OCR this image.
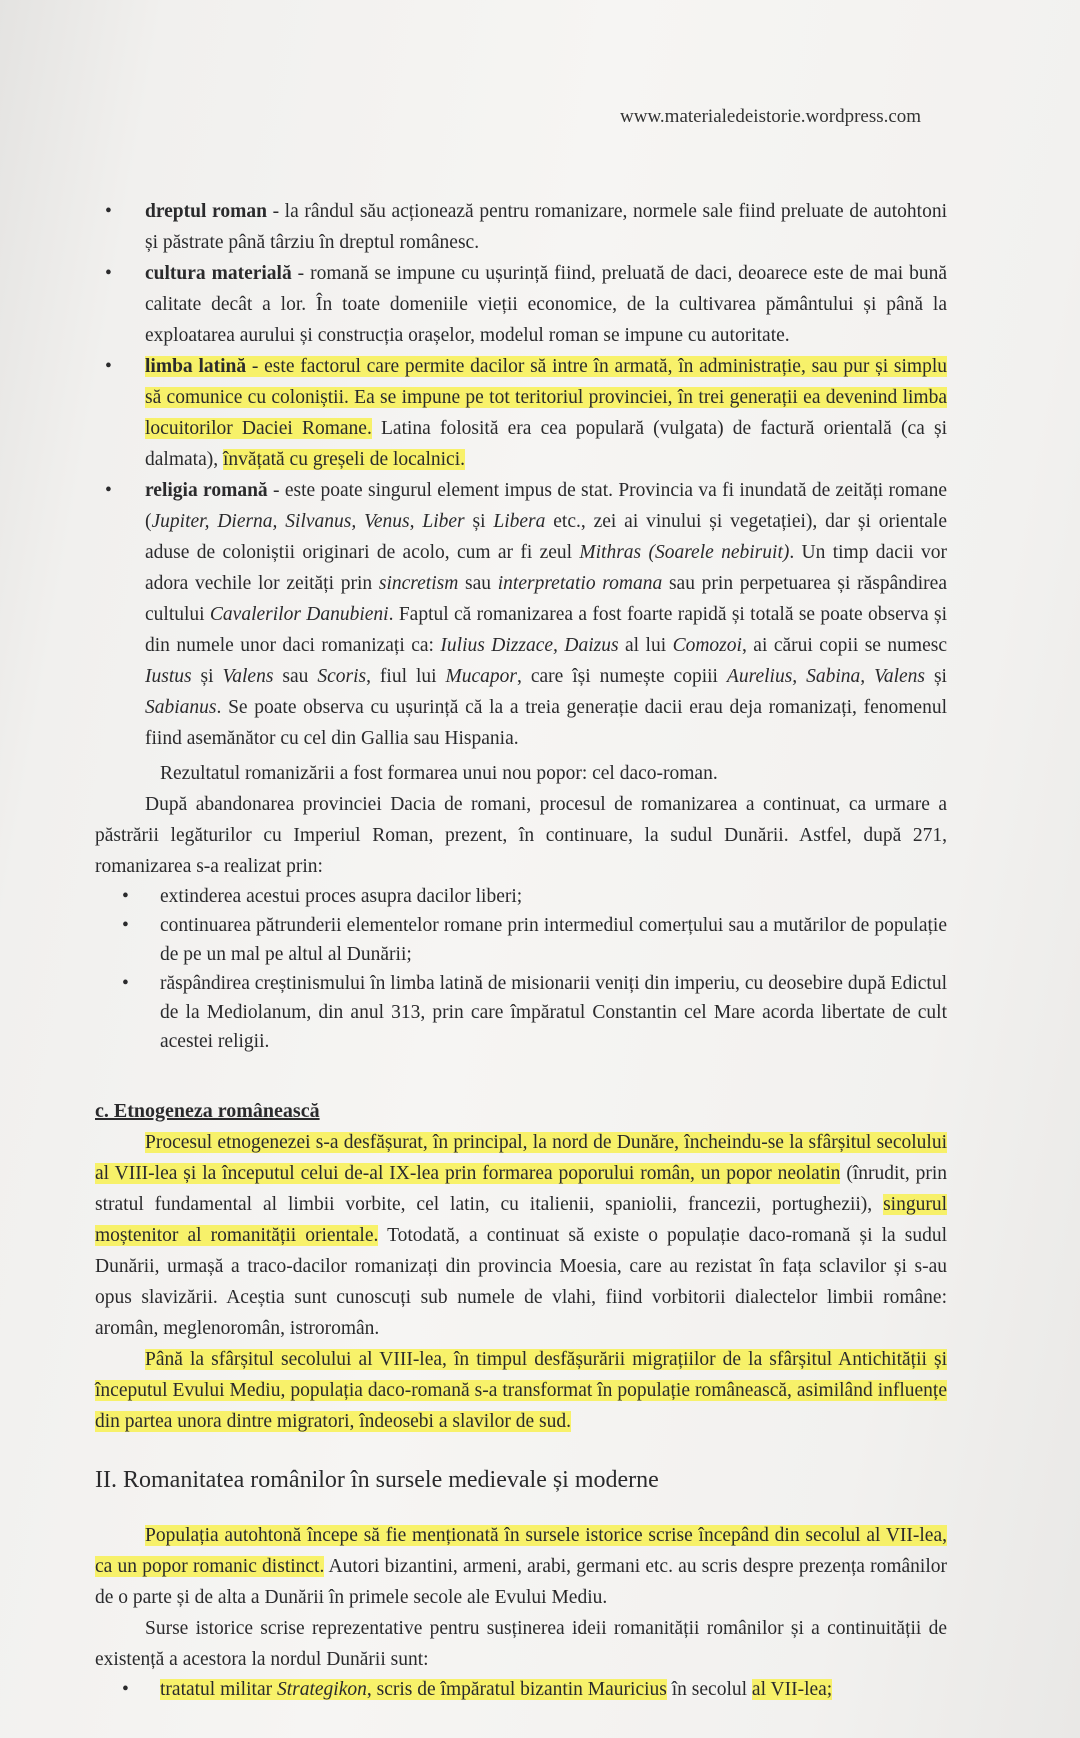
www.materialedeistorie.wordpress.com

• dreptul roman - la rândul său acționează pentru romanizare, normele sale fiind preluate de autohtoni și păstrate până târziu în dreptul românesc.

• cultura materială - romană se impune cu ușurință fiind, preluată de daci, deoarece este de mai bună calitate decât a lor. În toate domeniile vieții economice, de la cultivarea pământului și până la exploatarea aurului și construcția orașelor, modelul roman se impune cu autoritate.

• limba latină - este factorul care permite dacilor să intre în armată, în administrație, sau pur și simplu să comunice cu coloniștii. Ea se impune pe tot teritoriul provinciei, în trei generații ea devenind limba locuitorilor Daciei Romane. Latina folosită era cea populară (vulgata) de factură orientală (ca și dalmata), învățată cu greșeli de localnici.

• religia romană - este poate singurul element impus de stat. Provincia va fi inundată de zeități romane (Jupiter, Dierna, Silvanus, Venus, Liber și Libera etc., zei ai vinului și vegetației), dar și orientale aduse de coloniștii originari de acolo, cum ar fi zeul Mithras (Soarele nebiruit). Un timp dacii vor adora vechile lor zeități prin sincretism sau interpretatio romana sau prin perpetuarea și răspândirea cultului Cavalerilor Danubieni. Faptul că romanizarea a fost foarte rapidă și totală se poate observa și din numele unor daci romanizați ca: Iulius Dizzace, Daizus al lui Comozoi, ai cărui copii se numesc Iustus și Valens sau Scoris, fiul lui Mucapor, care își numește copiii Aurelius, Sabina, Valens și Sabianus. Se poate observa cu ușurință că la a treia generație dacii erau deja romanizați, fenomenul fiind asemănător cu cel din Gallia sau Hispania.

Rezultatul romanizării a fost formarea unui nou popor: cel daco-roman.

După abandonarea provinciei Dacia de romani, procesul de romanizarea a continuat, ca urmare a păstrării legăturilor cu Imperiul Roman, prezent, în continuare, la sudul Dunării. Astfel, după 271, romanizarea s-a realizat prin:

• extinderea acestui proces asupra dacilor liberi;

• continuarea pătrunderii elementelor romane prin intermediul comerțului sau a mutărilor de populație de pe un mal pe altul al Dunării;

• răspândirea creștinismului în limba latină de misionarii veniți din imperiu, cu deosebire după Edictul de la Mediolanum, din anul 313, prin care împăratul Constantin cel Mare acorda libertate de cult acestei religii.

c. Etnogeneza românească

Procesul etnogenezei s-a desfășurat, în principal, la nord de Dunăre, încheindu-se la sfârșitul secolului al VIII-lea și la începutul celui de-al IX-lea prin formarea poporului român, un popor neolatin (înrudit, prin stratul fundamental al limbii vorbite, cel latin, cu italienii, spaniolii, francezii, portughezii), singurul moștenitor al romanității orientale. Totodată, a continuat să existe o populație daco-romană și la sudul Dunării, urmașă a traco-dacilor romanizați din provincia Moesia, care au rezistat în fața sclavilor și s-au opus slavizării. Aceștia sunt cunoscuți sub numele de vlahi, fiind vorbitorii dialectelor limbii române: aromân, meglenoromân, istroromân.

Până la sfârșitul secolului al VIII-lea, în timpul desfășurării migrațiilor de la sfârșitul Antichității și începutul Evului Mediu, populația daco-romană s-a transformat în populație românească, asimilând influențe din partea unora dintre migratori, îndeosebi a slavilor de sud.

II. Romanitatea românilor în sursele medievale și moderne

Populația autohtonă începe să fie menționată în sursele istorice scrise începând din secolul al VII-lea, ca un popor romanic distinct. Autori bizantini, armeni, arabi, germani etc. au scris despre prezența românilor de o parte și de alta a Dunării în primele secole ale Evului Mediu.

Surse istorice scrise reprezentative pentru susținerea ideii romanității românilor și a continuității de existență a acestora la nordul Dunării sunt:

• tratatul militar Strategikon, scris de împăratul bizantin Mauricius în secolul al VII-lea;
